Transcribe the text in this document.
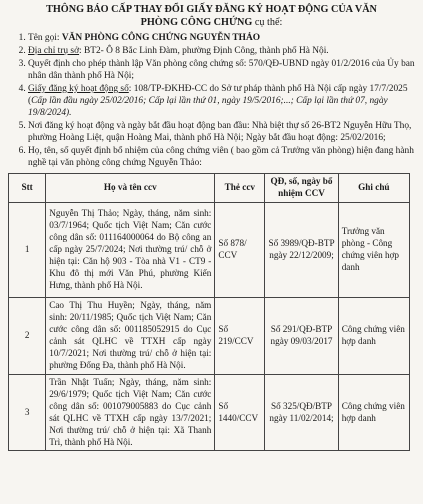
THÔNG BÁO CẤP THAY ĐỔI GIẤY ĐĂNG KÝ HOẠT ĐỘNG CỦA VĂN
PHÒNG CÔNG CHỨNG cụ thể:
1. Tên gọi: VĂN PHÒNG CÔNG CHỨNG NGUYỄN THẢO
2. Địa chỉ trụ sở: BT2- Ô 8 Bắc Linh Đàm, phường Định Công, thành phố Hà Nội.
3. Quyết định cho phép thành lập Văn phòng công chứng số: 570/QĐ-UBND ngày 01/2/2016 của Ủy ban nhân dân thành phố Hà Nội;
4. Giấy đăng ký hoạt động số: 108/TP-ĐKHĐ-CC do Sở tư pháp thành phố Hà Nội cấp ngày 17/7/2025 (Cấp lần đầu ngày 25/02/2016; Cấp lại lần thứ 01, ngày 19/5/2016;...; Cấp lại lần thứ 07, ngày 19/8/2024).
5. Nơi đăng ký hoạt động và ngày bắt đầu hoạt động ban đầu: Nhà biệt thự số 26-BT2 Nguyễn Hữu Thọ, phường Hoàng Liệt, quận Hoàng Mai, thành phố Hà Nội; Ngày bắt đầu hoạt động: 25/02/2016;
6. Họ, tên, số quyết định bổ nhiệm của công chứng viên ( bao gồm cả Trưởng văn phòng) hiện đang hành nghề tại văn phòng công chứng Nguyễn Thảo:
Stt	Họ và tên ccv	Thẻ ccv	QĐ, số, ngày bổ nhiệm CCV	Ghi chú
1	Nguyễn Thị Thảo; Ngày, tháng, năm sinh: 03/7/1964; Quốc tịch Việt Nam; Căn cước công dân số: 011164000064 do Bộ công an cấp ngày 25/7/2024; Nơi thường trú/ chỗ ở hiện tại: Căn hộ 903 - Tòa nhà V1 - CT9 - Khu đô thị mới Văn Phú, phường Kiến Hưng, thành phố Hà Nội.	Số 878/ CCV	Số 3989/QĐ-BTP ngày 22/12/2009;	Trưởng văn phòng - Công chứng viên hợp danh
2	Cao Thị Thu Huyền; Ngày, tháng, năm sinh: 20/11/1985; Quốc tịch Việt Nam; Căn cước công dân số: 001185052915 do Cục cảnh sát QLHC về TTXH cấp ngày 10/7/2021; Nơi thường trú/ chỗ ở hiện tại: phường Đống Đa, thành phố Hà Nội.	Số 219/CCV	Số 291/QĐ-BTP ngày 09/03/2017	Công chứng viên hợp danh
3	Trần Nhật Tuấn; Ngày, tháng, năm sinh: 29/6/1979; Quốc tịch Việt Nam; Căn cước công dân số: 001079005883 do Cục cảnh sát QLHC về TTXH cấp ngày 13/7/2021; Nơi thường trú/ chỗ ở hiện tại: Xã Thanh Trì, thành phố Hà Nội.	Số 1440/CCV	Số 325/QĐ/BTP ngày 11/02/2014;	Công chứng viên hợp danh
